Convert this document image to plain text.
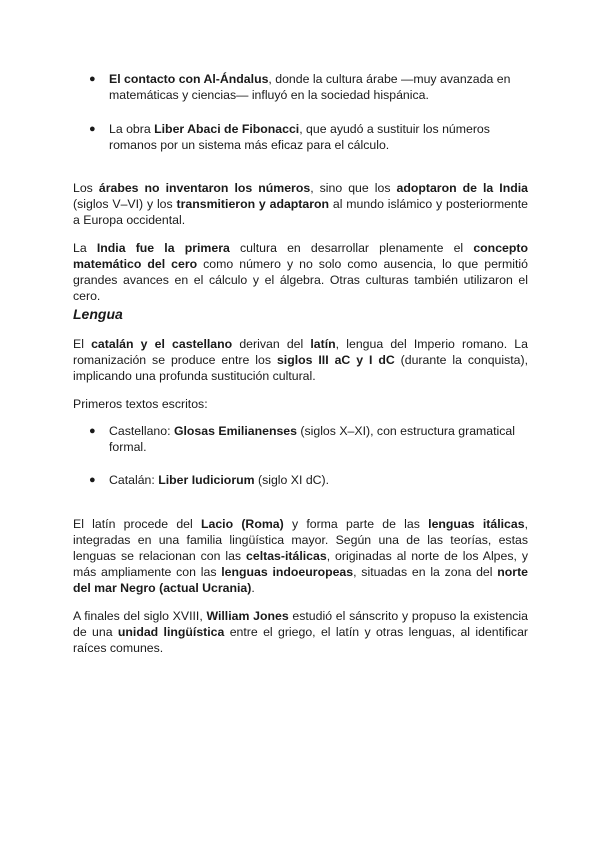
● El contacto con Al-Ándalus, donde la cultura árabe —muy avanzada en matemáticas y ciencias— influyó en la sociedad hispánica.
● La obra Liber Abaci de Fibonacci, que ayudó a sustituir los números romanos por un sistema más eficaz para el cálculo.
Los árabes no inventaron los números, sino que los adoptaron de la India (siglos V–VI) y los transmitieron y adaptaron al mundo islámico y posteriormente a Europa occidental.
La India fue la primera cultura en desarrollar plenamente el concepto matemático del cero como número y no solo como ausencia, lo que permitió grandes avances en el cálculo y el álgebra. Otras culturas también utilizaron el cero.
Lengua
El catalán y el castellano derivan del latín, lengua del Imperio romano. La romanización se produce entre los siglos III aC y I dC (durante la conquista), implicando una profunda sustitución cultural.
Primeros textos escritos:
● Castellano: Glosas Emilianenses (siglos X–XI), con estructura gramatical formal.
● Catalán: Liber Iudiciorum (siglo XI dC).
El latín procede del Lacio (Roma) y forma parte de las lenguas itálicas, integradas en una familia lingüística mayor. Según una de las teorías, estas lenguas se relacionan con las celtas-itálicas, originadas al norte de los Alpes, y más ampliamente con las lenguas indoeuropeas, situadas en la zona del norte del mar Negro (actual Ucrania).
A finales del siglo XVIII, William Jones estudió el sánscrito y propuso la existencia de una unidad lingüística entre el griego, el latín y otras lenguas, al identificar raíces comunes.
